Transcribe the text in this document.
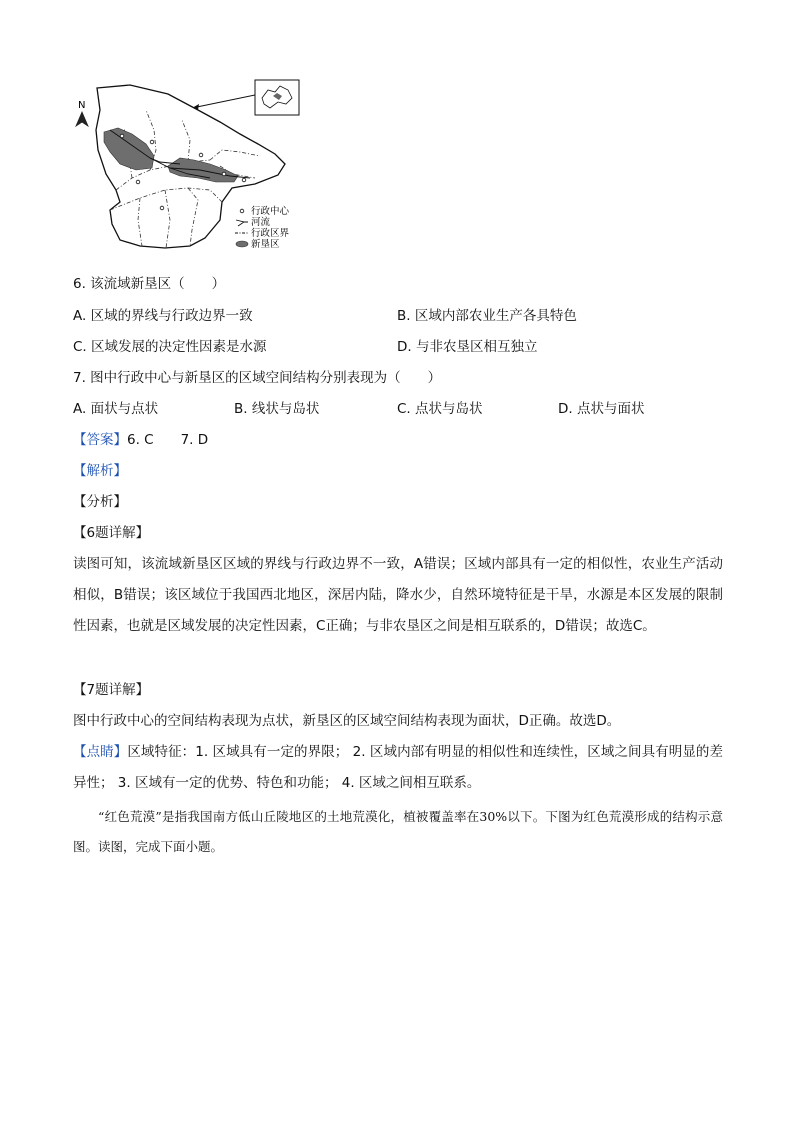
N
行政中心
河流
行政区界
新垦区
6. 该流域新垦区（　　）
A. 区域的界线与行政边界一致	B. 区域内部农业生产各具特色
C. 区域发展的决定性因素是水源	D. 与非农垦区相互独立
7. 图中行政中心与新垦区的区域空间结构分别表现为（　　）
A. 面状与点状	B. 线状与岛状	C. 点状与岛状	D. 点状与面状
【答案】6. C　　7. D
【解析】
【分析】
【6题详解】
读图可知，该流域新垦区区域的界线与行政边界不一致，A错误；区域内部具有一定的相似性，农业生产活动相似，B错误；该区域位于我国西北地区，深居内陆，降水少，自然环境特征是干旱，水源是本区发展的限制性因素，也就是区域发展的决定性因素，C正确；与非农垦区之间是相互联系的，D错误；故选C。
【7题详解】
图中行政中心的空间结构表现为点状，新垦区的区域空间结构表现为面状，D正确。故选D。
【点睛】区域特征：1. 区域具有一定的界限； 2. 区域内部有明显的相似性和连续性，区域之间具有明显的差异性； 3. 区域有一定的优势、特色和功能； 4. 区域之间相互联系。
“红色荒漠”是指我国南方低山丘陵地区的土地荒漠化，植被覆盖率在30%以下。下图为红色荒漠形成的结构示意图。读图，完成下面小题。
